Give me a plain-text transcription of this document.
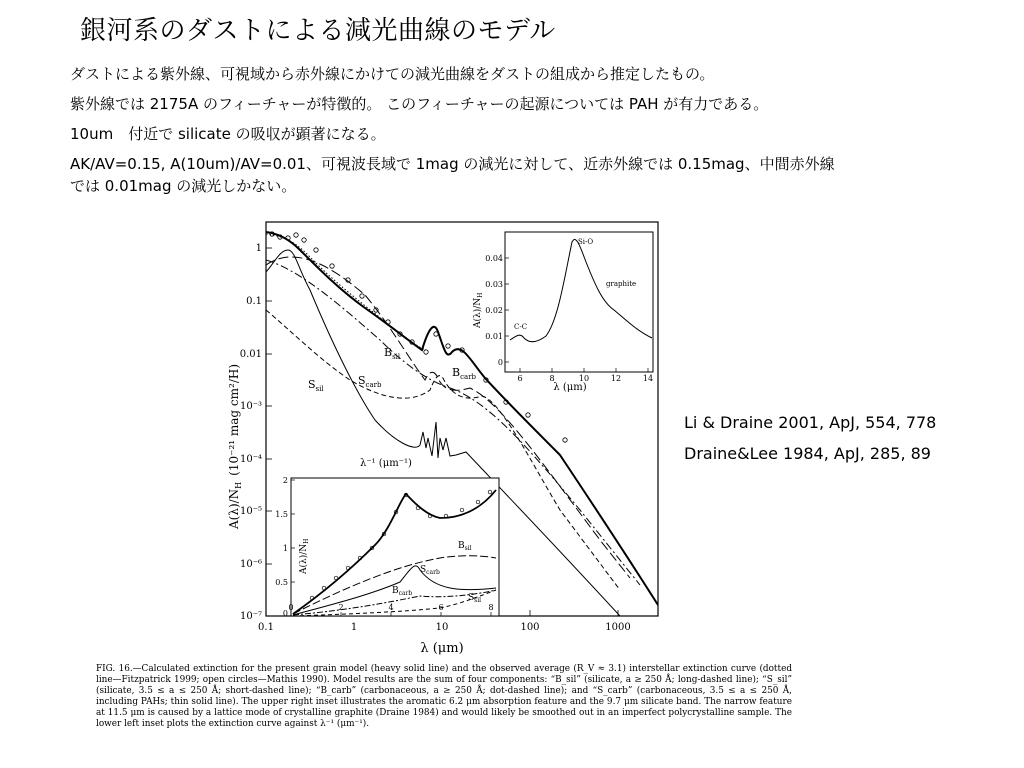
銀河系のダストによる減光曲線のモデル
ダストによる紫外線、可視域から赤外線にかけての減光曲線をダストの組成から推定したもの。
紫外線では 2175A のフィーチャーが特徴的。 このフィーチャーの起源については PAH が有力である。
10um　付近で silicate の吸収が顕著になる。
AK/AV=0.15, A(10um)/AV=0.01、可視波長域で 1mag の減光に対して、近赤外線では 0.15mag、中間赤外線
では 0.01mag の減光しかない。
Li & Draine 2001, ApJ, 554, 778
Draine&Lee 1984, ApJ, 285, 89
0.1	1	10	100	1000
1
0.1
0.01
10⁻³
10⁻⁴
10⁻⁵
10⁻⁶
10⁻⁷
λ (μm)
$A(\lambda)/N_H(10^{-21}$ mag cm²/H)
$B_{sil}$
$S_{sil}$
$S_{carb}$
$B_{carb}$
λ⁻¹ (μm⁻¹)
6	8	10	12	14
0.04
0.03
0.02
0.01
0
λ (μm)
$A(\lambda)/N_H$
Si-O
graphite
C-C
0	2	4	6	8
2
1.5
1
0.5
0
$A(\lambda)/N_H$	$B_{sil}$
$S_{carb}$
$B_{carb}$	$S_{sil}$
FIG. 16.—Calculated extinction for the present grain model (heavy solid line) and the observed average (R_V ≈ 3.1) interstellar extinction curve (dotted line—Fitzpatrick 1999; open circles—Mathis 1990). Model results are the sum of four components: “B_sil” (silicate, a ≥ 250 Å; long-dashed line); “S_sil” (silicate, 3.5 ≤ a ≤ 250 Å; short-dashed line); “B_carb” (carbonaceous, a ≥ 250 Å; dot-dashed line); and “S_carb” (carbonaceous, 3.5 ≤ a ≤ 250 Å, including PAHs; thin solid line). The upper right inset illustrates the aromatic 6.2 μm absorption feature and the 9.7 μm silicate band. The narrow feature at 11.5 μm is caused by a lattice mode of crystalline graphite (Draine 1984) and would likely be smoothed out in an imperfect polycrystalline sample. The lower left inset plots the extinction curve against λ⁻¹ (μm⁻¹).
